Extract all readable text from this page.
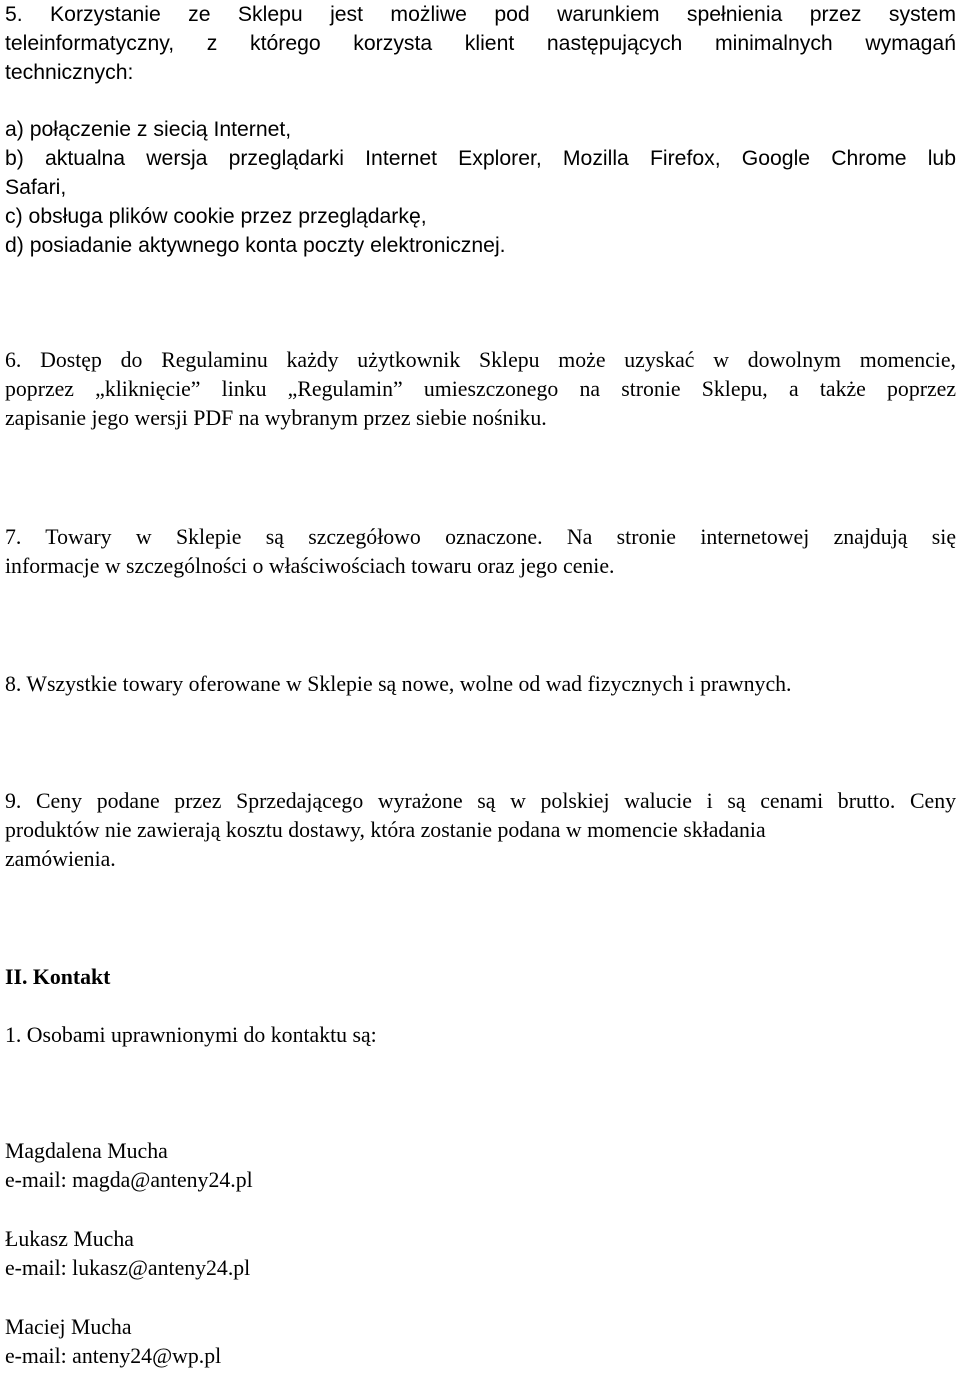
5. Korzystanie ze Sklepu jest możliwe pod warunkiem spełnienia przez system
teleinformatyczny, z którego korzysta klient następujących minimalnych wymagań
technicznych:
a) połączenie z siecią Internet,
b) aktualna wersja przeglądarki Internet Explorer, Mozilla Firefox, Google Chrome lub
Safari,
c) obsługa plików cookie przez przeglądarkę,
d) posiadanie aktywnego konta poczty elektronicznej.
6. Dostęp do Regulaminu każdy użytkownik Sklepu może uzyskać w dowolnym momencie,
poprzez „kliknięcie” linku „Regulamin” umieszczonego na stronie Sklepu, a także poprzez
zapisanie jego wersji PDF na wybranym przez siebie nośniku.
7. Towary w Sklepie są szczegółowo oznaczone. Na stronie internetowej znajdują się
informacje w szczególności o właściwościach towaru oraz jego cenie.
8. Wszystkie towary oferowane w Sklepie są nowe, wolne od wad fizycznych i prawnych.
9. Ceny podane przez Sprzedającego wyrażone są w polskiej walucie i są cenami brutto. Ceny
produktów nie zawierają kosztu dostawy, która zostanie podana w momencie składania
zamówienia.
II. Kontakt
1. Osobami uprawnionymi do kontaktu są:
Magdalena Mucha
e-mail: magda@anteny24.pl
Łukasz Mucha
e-mail: lukasz@anteny24.pl
Maciej Mucha
e-mail: anteny24@wp.pl
